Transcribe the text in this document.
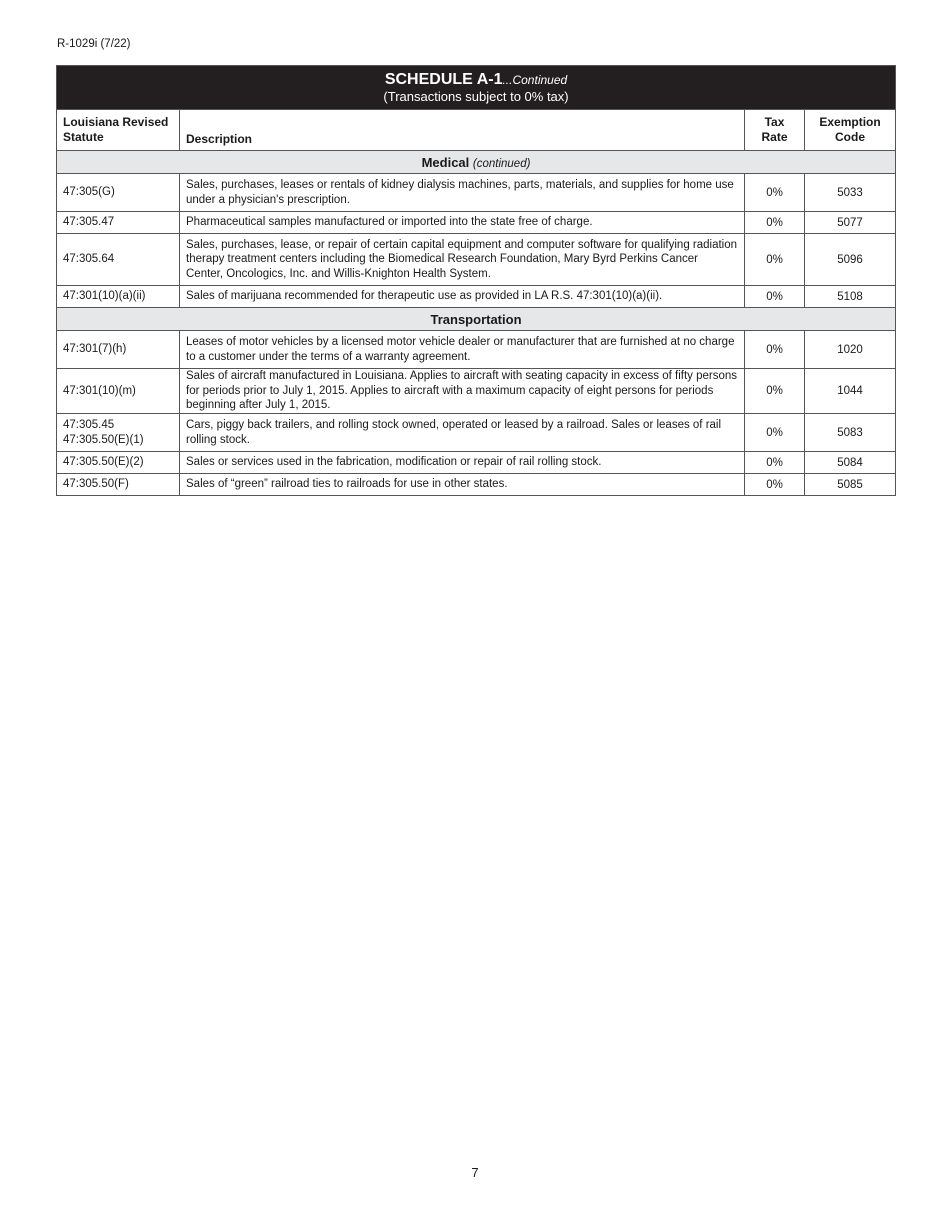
R-1029i (7/22)
SCHEDULE A-1...Continued
(Transactions subject to 0% tax)			

Louisiana Revised Statute	Description	Tax Rate	Exemption Code
Medical (continued)			
47:305(G)	Sales, purchases, leases or rentals of kidney dialysis machines, parts, materials, and supplies for home use under a physician's prescription.	0%	5033
47:305.47	Pharmaceutical samples manufactured or imported into the state free of charge.	0%	5077
47:305.64	Sales, purchases, lease, or repair of certain capital equipment and computer software for qualifying radiation therapy treatment centers including the Biomedical Research Foundation, Mary Byrd Perkins Cancer Center, Oncologics, Inc. and Willis-Knighton Health System.	0%	5096
47:301(10)(a)(ii)	Sales of marijuana recommended for therapeutic use as provided in LA R.S. 47:301(10)(a)(ii).	0%	5108
Transportation			
47:301(7)(h)	Leases of motor vehicles by a licensed motor vehicle dealer or manufacturer that are furnished at no charge to a customer under the terms of a warranty agreement.	0%	1020
47:301(10)(m)	Sales of aircraft manufactured in Louisiana. Applies to aircraft with seating capacity in excess of fifty persons for periods prior to July 1, 2015. Applies to aircraft with a maximum capacity of eight persons for periods beginning after July 1, 2015.	0%	1044
47:305.45
47:305.50(E)(1)	Cars, piggy back trailers, and rolling stock owned, operated or leased by a railroad. Sales or leases of rail rolling stock.	0%	5083
47:305.50(E)(2)	Sales or services used in the fabrication, modification or repair of rail rolling stock.	0%	5084
47:305.50(F)	Sales of “green” railroad ties to railroads for use in other states.	0%	5085
7
